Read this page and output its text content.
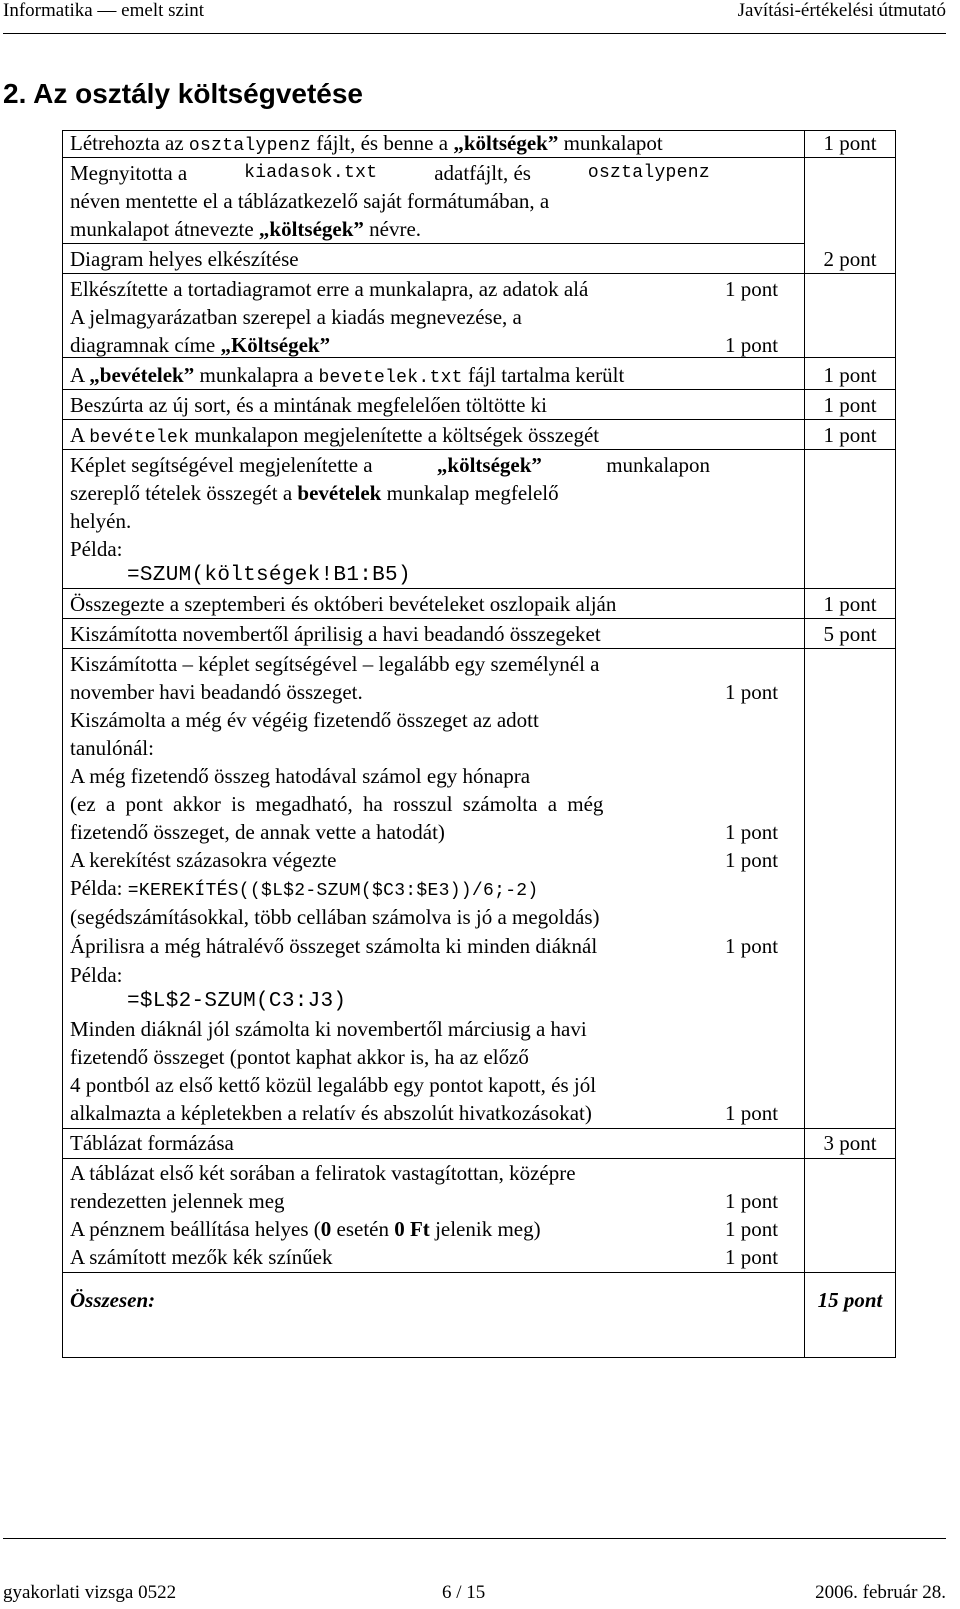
Informatika — emelt szint	Javítási-értékelési útmutató
2. Az osztály költségvetése
Létrehozta az osztalypenz fájlt, és benne a „költségek” munkalapot	1 pont
Megnyitotta a	kiadasok.txt	adatfájlt, és	osztalypenz
néven mentette el a táblázatkezelő saját formátumában, a
munkalapot átnevezte „költségek” névre.
Diagram helyes elkészítése	2 pont
Elkészítette a tortadiagramot erre a munkalapra, az adatok alá	1 pont
A jelmagyarázatban szerepel a kiadás megnevezése, a
diagramnak címe „Költségek”	1 pont
A „bevételek” munkalapra a bevetelek.txt fájl tartalma került	1 pont
Beszúrta az új sort, és a mintának megfelelően töltötte ki	1 pont
A bevételek munkalapon megjelenítette a költségek összegét	1 pont
Képlet segítségével megjelenítette a	„költségek”	munkalapon
szereplő tételek összegét a bevételek munkalap megfelelő
helyén.
Példa:
=SZUM(költségek!B1:B5)
Összegezte a szeptemberi és októberi bevételeket oszlopaik alján	1 pont
Kiszámította novembertől áprilisig a havi beadandó összegeket	5 pont
Kiszámította – képlet segítségével – legalább egy személynél a
november havi beadandó összeget.	1 pont
Kiszámolta a még év végéig fizetendő összeget az adott
tanulónál:
A még fizetendő összeg hatodával számol egy hónapra
(ez a pont akkor is megadható, ha rosszul számolta a még
fizetendő összeget, de annak vette a hatodát)	1 pont
A kerekítést százasokra végezte	1 pont
Példa: =KEREKÍTÉS(($L$2-SZUM($C3:$E3))/6;-2)
(segédszámításokkal, több cellában számolva is jó a megoldás)
Áprilisra a még hátralévő összeget számolta ki minden diáknál	1 pont
Példa:
=$L$2-SZUM(C3:J3)
Minden diáknál jól számolta ki novembertől márciusig a havi
fizetendő összeget (pontot kaphat akkor is, ha az előző
4 pontból az első kettő közül legalább egy pontot kapott, és jól
alkalmazta a képletekben a relatív és abszolút hivatkozásokat)	1 pont
Táblázat formázása	3 pont
A táblázat első két sorában a feliratok vastagítottan, középre
rendezetten jelennek meg	1 pont
A pénznem beállítása helyes (0 esetén 0 Ft jelenik meg)	1 pont
A számított mezők kék színűek	1 pont
Összesen:	15 pont
gyakorlati vizsga 0522	6 / 15	2006. február 28.
